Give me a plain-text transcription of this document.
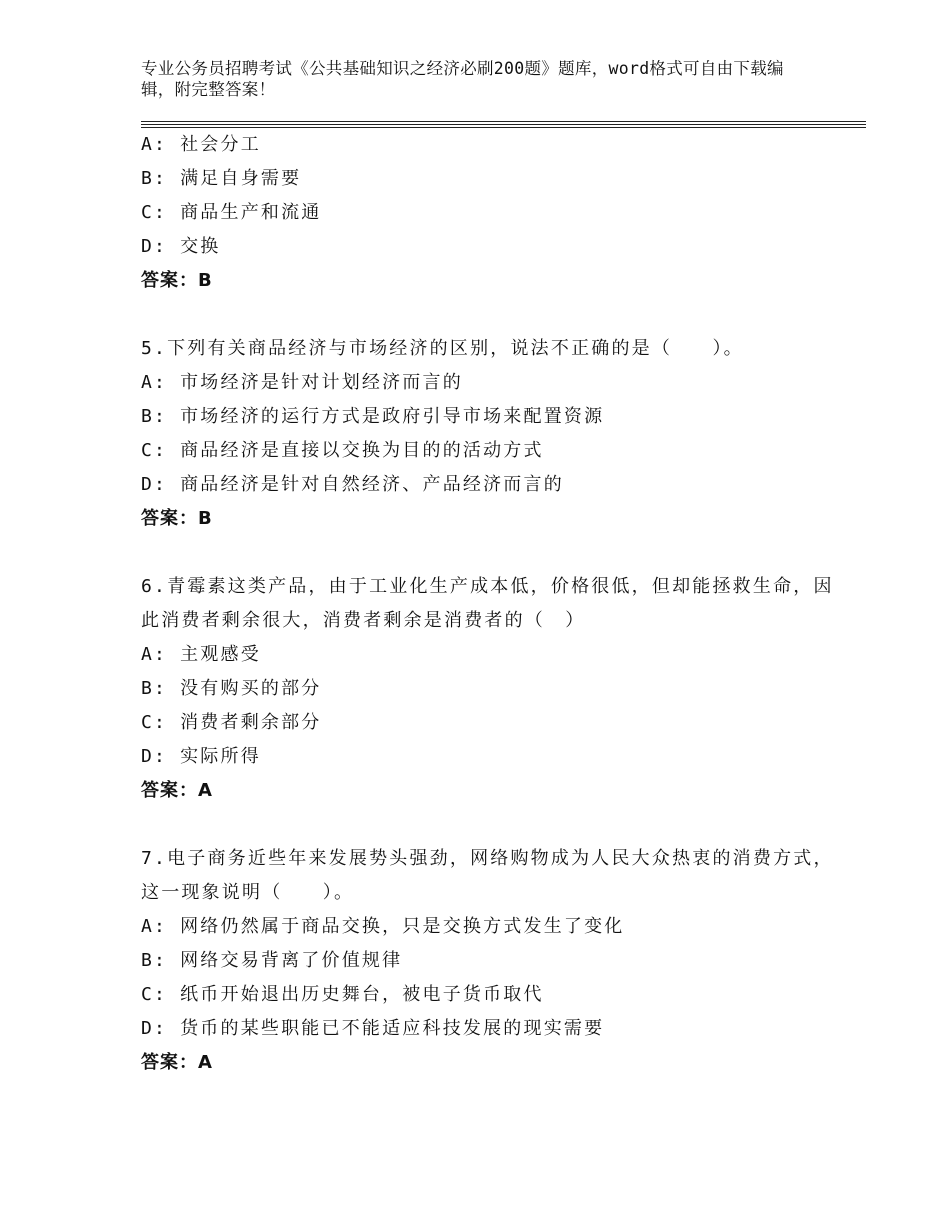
专业公务员招聘考试《公共基础知识之经济必刷200题》题库，word格式可自由下载编辑，附完整答案！
A: 社会分工
B: 满足自身需要
C: 商品生产和流通
D: 交换
答案：B
5.下列有关商品经济与市场经济的区别，说法不正确的是（　　）。
A: 市场经济是针对计划经济而言的
B: 市场经济的运行方式是政府引导市场来配置资源
C: 商品经济是直接以交换为目的的活动方式
D: 商品经济是针对自然经济、产品经济而言的
答案：B
6.青霉素这类产品，由于工业化生产成本低，价格很低，但却能拯救生命，因此消费者剩余很大，消费者剩余是消费者的（　）
A: 主观感受
B: 没有购买的部分
C: 消费者剩余部分
D: 实际所得
答案：A
7.电子商务近些年来发展势头强劲，网络购物成为人民大众热衷的消费方式，这一现象说明（　　）。
A: 网络仍然属于商品交换，只是交换方式发生了变化
B: 网络交易背离了价值规律
C: 纸币开始退出历史舞台，被电子货币取代
D: 货币的某些职能已不能适应科技发展的现实需要
答案：A
